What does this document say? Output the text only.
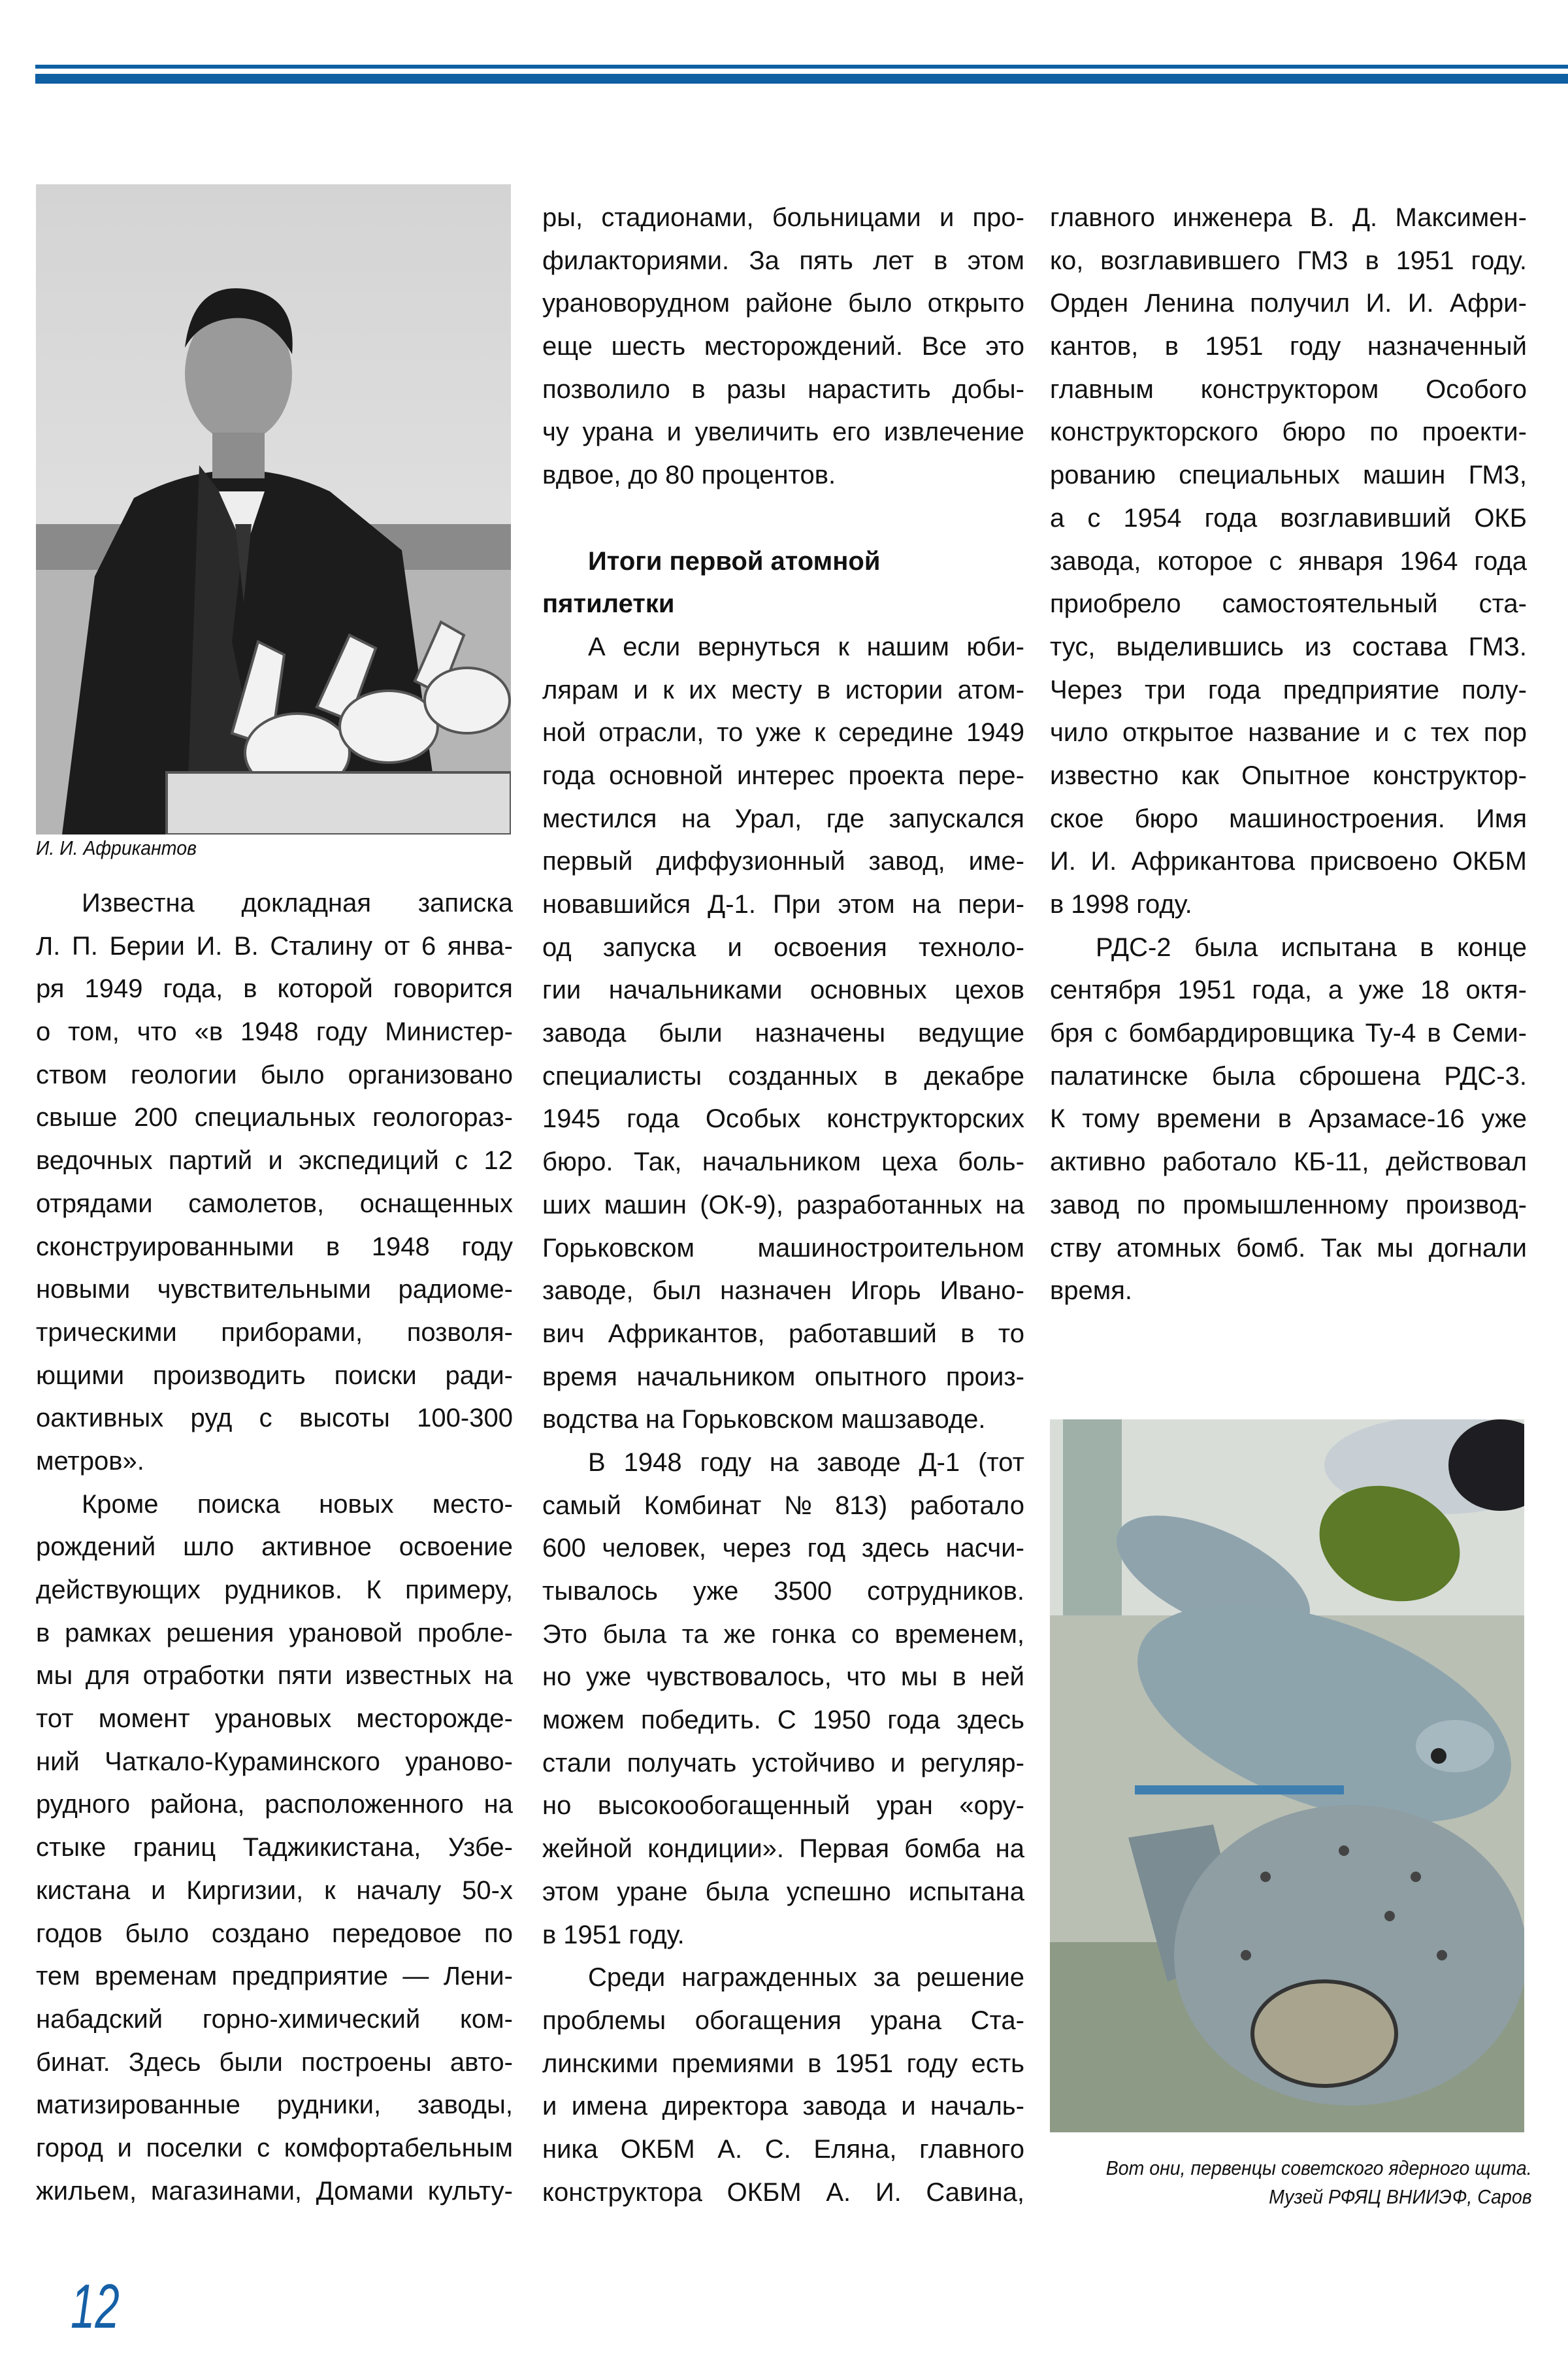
И. И. Африкантов
Вот они, первенцы советского ядерного щита.
Музей РФЯЦ ВНИИЭФ, Саров
Известна докладная записка
Л. П. Берии И. В. Сталину от 6 янва-
ря 1949 года, в которой говорится
о том, что «в 1948 году Министер-
ством геологии было организовано
свыше 200 специальных геологораз-
ведочных партий и экспедиций с 12
отрядами самолетов, оснащенных
сконструированными в 1948 году
новыми чувствительными радиоме-
трическими приборами, позволя-
ющими производить поиски ради-
оактивных руд с высоты 100-300
метров».
Кроме поиска новых место-
рождений шло активное освоение
действующих рудников. К примеру,
в рамках решения урановой пробле-
мы для отработки пяти известных на
тот момент урановых месторожде-
ний Чаткало-Кураминского ураново-
рудного района, расположенного на
стыке границ Таджикистана, Узбе-
кистана и Киргизии, к началу 50-х
годов было создано передовое по
тем временам предприятие — Лени-
набадский горно-химический ком-
бинат. Здесь были построены авто-
матизированные рудники, заводы,
город и поселки с комфортабельным
жильем, магазинами, Домами культу-
ры, стадионами, больницами и про-
филакториями. За пять лет в этом
урановорудном районе было открыто
еще шесть месторождений. Все это
позволило в разы нарастить добы-
чу урана и увеличить его извлечение
вдвое, до 80 процентов.
Итоги первой атомной
пятилетки
А если вернуться к нашим юби-
лярам и к их месту в истории атом-
ной отрасли, то уже к середине 1949
года основной интерес проекта пере-
местился на Урал, где запускался
первый диффузионный завод, име-
новавшийся Д-1. При этом на пери-
од запуска и освоения техноло-
гии начальниками основных цехов
завода были назначены ведущие
специалисты созданных в декабре
1945 года Особых конструкторских
бюро. Так, начальником цеха боль-
ших машин (ОК-9), разработанных на
Горьковском машиностроительном
заводе, был назначен Игорь Ивано-
вич Африкантов, работавший в то
время начальником опытного произ-
водства на Горьковском машзаводе.
В 1948 году на заводе Д-1 (тот
самый Комбинат № 813) работало
600 человек, через год здесь насчи-
тывалось уже 3500 сотрудников.
Это была та же гонка со временем,
но уже чувствовалось, что мы в ней
можем победить. С 1950 года здесь
стали получать устойчиво и регуляр-
но высокообогащенный уран «ору-
жейной кондиции». Первая бомба на
этом уране была успешно испытана
в 1951 году.
Среди награжденных за решение
проблемы обогащения урана Ста-
линскими премиями в 1951 году есть
и имена директора завода и началь-
ника ОКБМ А. С. Еляна, главного
конструктора ОКБМ А. И. Савина,
главного инженера В. Д. Максимен-
ко, возглавившего ГМЗ в 1951 году.
Орден Ленина получил И. И. Афри-
кантов, в 1951 году назначенный
главным конструктором Особого
конструкторского бюро по проекти-
рованию специальных машин ГМЗ,
а с 1954 года возглавивший ОКБ
завода, которое с января 1964 года
приобрело самостоятельный ста-
тус, выделившись из состава ГМЗ.
Через три года предприятие полу-
чило открытое название и с тех пор
известно как Опытное конструктор-
ское бюро машиностроения. Имя
И. И. Африкантова присвоено ОКБМ
в 1998 году.
РДС-2 была испытана в конце
сентября 1951 года, а уже 18 октя-
бря с бомбардировщика Ту-4 в Семи-
палатинске была сброшена РДС-3.
К тому времени в Арзамасе-16 уже
активно работало КБ-11, действовал
завод по промышленному производ-
ству атомных бомб. Так мы догнали
время.
12
